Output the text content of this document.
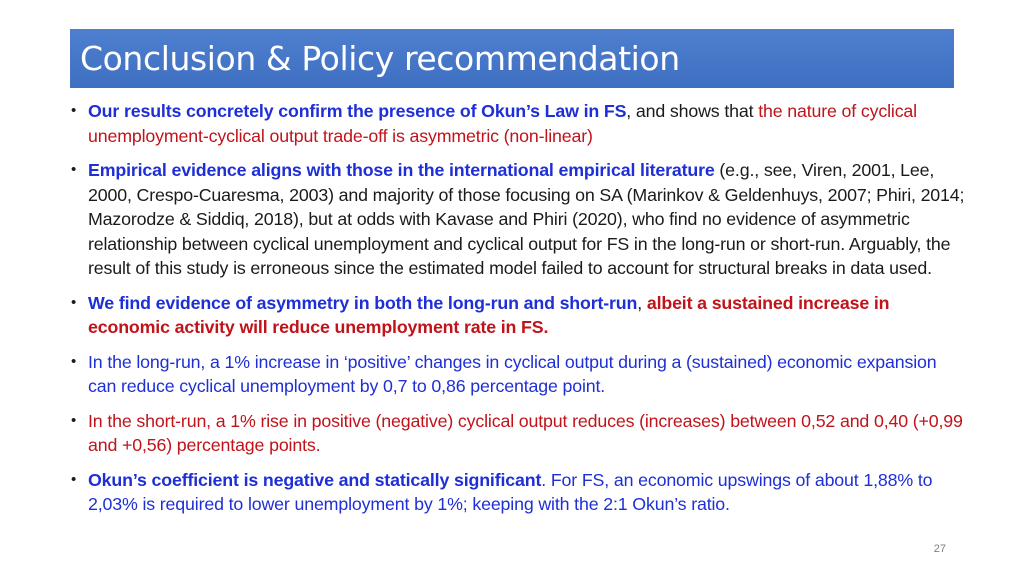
Conclusion & Policy recommendation
• Our results concretely confirm the presence of Okun’s Law in FS, and shows that the nature of cyclical unemployment-cyclical output trade-off is asymmetric (non-linear)
• Empirical evidence aligns with those in the international empirical literature (e.g., see, Viren, 2001, Lee, 2000, Crespo-Cuaresma, 2003) and majority of those focusing on SA (Marinkov & Geldenhuys, 2007; Phiri, 2014; Mazorodze & Siddiq, 2018), but at odds with Kavase and Phiri (2020), who find no evidence of asymmetric relationship between cyclical unemployment and cyclical output for FS in the long-run or short-run. Arguably, the result of this study is erroneous since the estimated model failed to account for structural breaks in data used.
• We find evidence of asymmetry in both the long-run and short-run, albeit a sustained increase in economic activity will reduce unemployment rate in FS.
• In the long-run, a 1% increase in ‘positive’ changes in cyclical output during a (sustained) economic expansion can reduce cyclical unemployment by 0,7 to 0,86 percentage point.
• In the short-run, a 1% rise in positive (negative) cyclical output reduces (increases) between 0,52 and 0,40 (+0,99 and +0,56) percentage points.
• Okun’s coefficient is negative and statically significant. For FS, an economic upswings of about 1,88% to 2,03% is required to lower unemployment by 1%; keeping with the 2:1 Okun’s ratio.
27
